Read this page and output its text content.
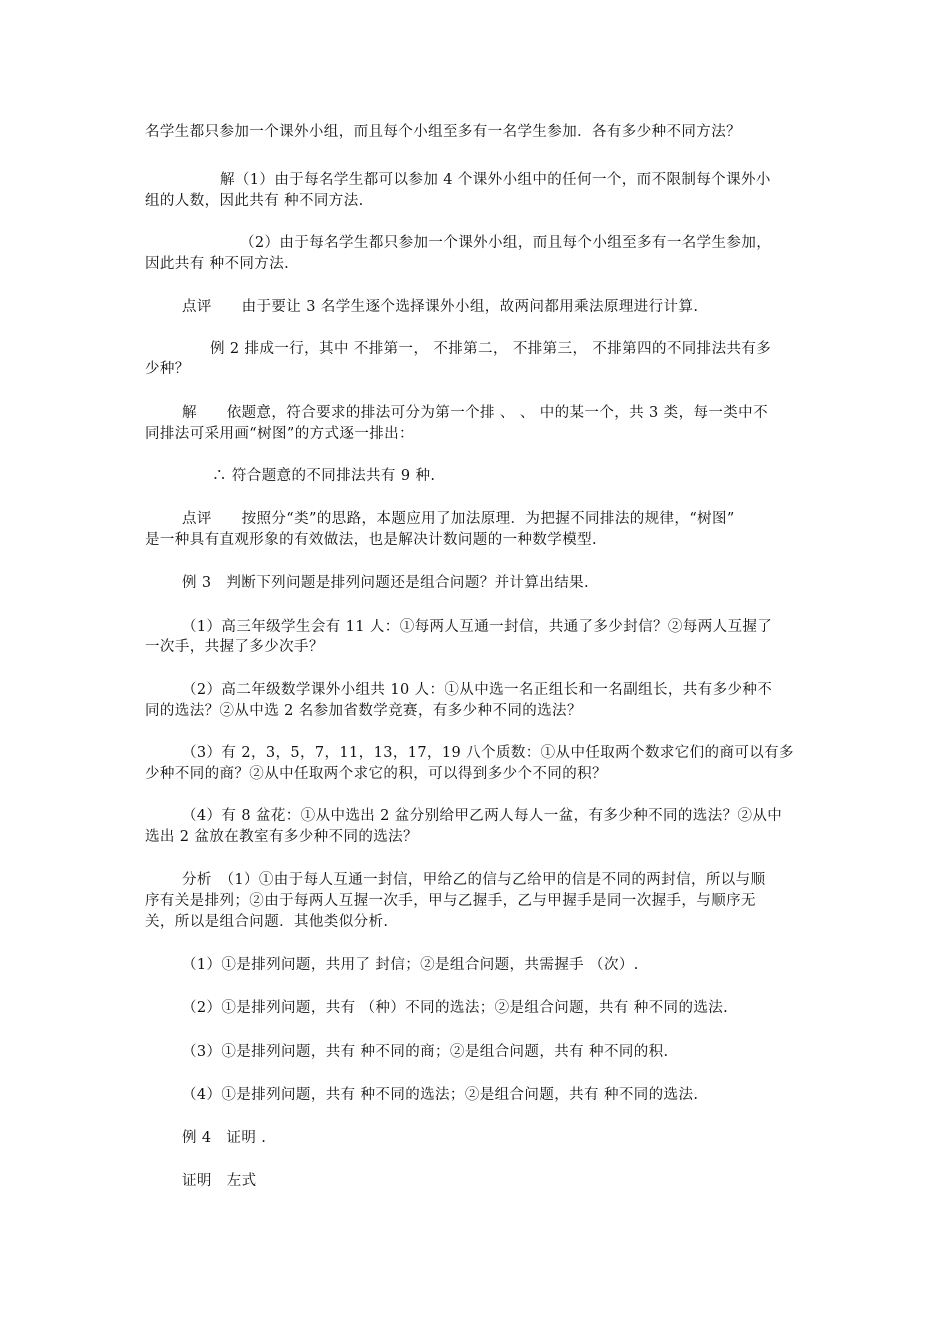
名学生都只参加一个课外小组，而且每个小组至多有一名学生参加．各有多少种不同方法？
解（1）由于每名学生都可以参加 4 个课外小组中的任何一个，而不限制每个课外小
组的人数，因此共有 种不同方法.
（2）由于每名学生都只参加一个课外小组，而且每个小组至多有一名学生参加，
因此共有 种不同方法.
点评　　由于要让 3 名学生逐个选择课外小组，故两问都用乘法原理进行计算.
例 2 排成一行，其中 不排第一， 不排第二， 不排第三， 不排第四的不同排法共有多
少种？
解　　依题意，符合要求的排法可分为第一个排 、 、 中的某一个，共 3 类，每一类中不
同排法可采用画“树图”的方式逐一排出：
∴ 符合题意的不同排法共有 9 种.
点评　　按照分“类”的思路，本题应用了加法原理．为把握不同排法的规律，“树图”
是一种具有直观形象的有效做法，也是解决计数问题的一种数学模型.
例 3　判断下列问题是排列问题还是组合问题？并计算出结果.
（1）高三年级学生会有 11 人：①每两人互通一封信，共通了多少封信？②每两人互握了
一次手，共握了多少次手？
（2）高二年级数学课外小组共 10 人：①从中选一名正组长和一名副组长，共有多少种不
同的选法？②从中选 2 名参加省数学竞赛，有多少种不同的选法？
（3）有 2，3，5，7，11，13，17，19 八个质数：①从中任取两个数求它们的商可以有多
少种不同的商？②从中任取两个求它的积，可以得到多少个不同的积？
（4）有 8 盆花：①从中选出 2 盆分别给甲乙两人每人一盆，有多少种不同的选法？②从中
选出 2 盆放在教室有多少种不同的选法？
分析　（1）①由于每人互通一封信，甲给乙的信与乙给甲的信是不同的两封信，所以与顺
序有关是排列；②由于每两人互握一次手，甲与乙握手，乙与甲握手是同一次握手，与顺序无
关，所以是组合问题．其他类似分析.
（1）①是排列问题，共用了 封信；②是组合问题，共需握手 （次）.
（2）①是排列问题，共有 （种）不同的选法；②是组合问题，共有 种不同的选法.
（3）①是排列问题，共有 种不同的商；②是组合问题，共有 种不同的积.
（4）①是排列问题，共有 种不同的选法；②是组合问题，共有 种不同的选法.
例 4　证明 .
证明　左式
